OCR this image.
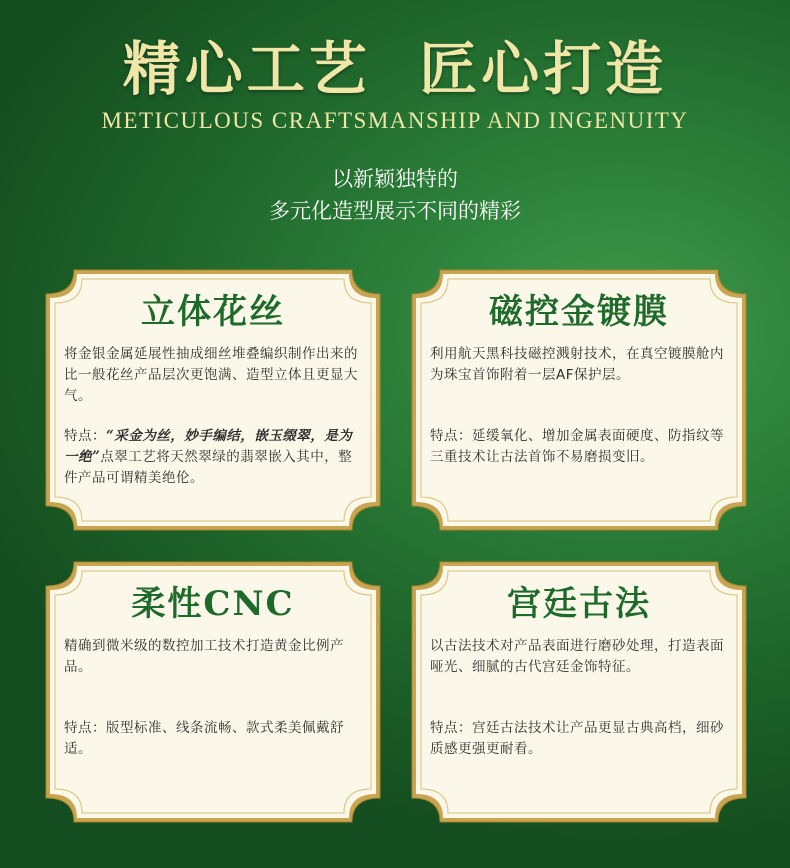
精心工艺  匠心打造
METICULOUS CRAFTSMANSHIP AND INGENUITY
以新颖独特的
多元化造型展示不同的精彩
立体花丝
将金银金属延展性抽成细丝堆叠编织制作出来的比一般花丝产品层次更饱满、造型立体且更显大气。
特点：“采金为丝，妙手编结，嵌玉缀翠，是为一绝”点翠工艺将天然翠绿的翡翠嵌入其中，整件产品可谓精美绝伦。
磁控金镀膜
利用航天黑科技磁控溅射技术，在真空镀膜舱内为珠宝首饰附着一层AF保护层。
特点：延缓氧化、增加金属表面硬度、防指纹等三重技术让古法首饰不易磨损变旧。
柔性CNC
精确到微米级的数控加工技术打造黄金比例产品。
特点：版型标准、线条流畅、款式柔美佩戴舒适。
宫廷古法
以古法技术对产品表面进行磨砂处理，打造表面哑光、细腻的古代宫廷金饰特征。
特点：宫廷古法技术让产品更显古典高档，细砂质感更强更耐看。
